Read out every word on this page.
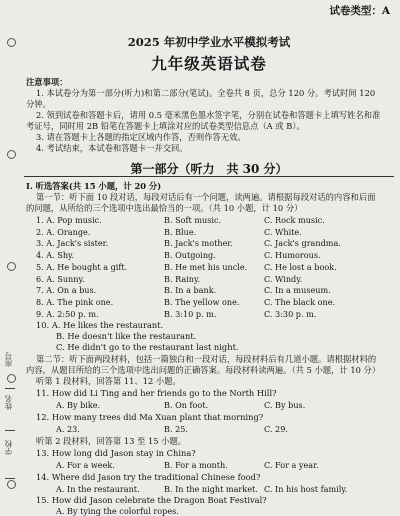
座号
姓名
学校
试卷类型：A
2025 年初中学业水平模拟考试
九年级英语试卷
注意事项：
1. 本试卷分为第一部分(听力)和第二部分(笔试)。全卷共 8 页，总分 120 分。考试时间 120
分钟。
2. 领到试卷和答题卡后，请用 0.5 毫米黑色墨水签字笔，分别在试卷和答题卡上填写姓名和准
考证号，同时用 2B 铅笔在答题卡上填涂对应的试卷类型信息点（A 或 B）。
3. 请在答题卡上各题的指定区域内作答，否则作答无效。
4. 考试结束，本试卷和答题卡一并交回。
第一部分（听力　共 30 分）
Ⅰ. 听选答案(共 15 小题，计 20 分)
第一节：听下面 10 段对话，每段对话后有一个问题，读两遍。请根据每段对话的内容和后面
的问题，从所给的三个选项中选出最恰当的一项。（共 10 小题，计 10 分）
1. A. Pop music.	B. Soft music.	C. Rock music.
2. A. Orange.	B. Blue.	C. White.
3. A. Jack's sister.	B. Jack's mother.	C. Jack's grandma.
4. A. Shy.	B. Outgoing.	C. Humorous.
5. A. He bought a gift.	B. He met his uncle. C. He lost a book.
6. A. Sunny.	B. Rainy.	C. Windy.
7. A. On a bus.	B. In a bank.	C. In a museum.
8. A. The pink one.	B. The yellow one.	C. The black one.
9. A. 2:50 p. m.	B. 3:10 p. m.	C. 3:30 p. m.
10. A. He likes the restaurant.
B. He doesn't like the restaurant.
C. He didn't go to the restaurant last night.
第二节：听下面两段材料，包括一篇独白和一段对话，每段材料后有几道小题。请根据材料的
内容，从题目所给的三个选项中选出问题的正确答案。每段材料读两遍。（共 5 小题，计 10 分）
听第 1 段材料，回答第 11、12 小题。
11. How did Li Ting and her friends go to the North Hill?
A. By bike.	B. On foot.	C. By bus.
12. How many trees did Ma Xuan plant that morning?
A. 23.	B. 25.	C. 29.
听第 2 段材料，回答第 13 至 15 小题。
13. How long did Jason stay in China?
A. For a week.	B. For a month.	C. For a year.
14. Where did Jason try the traditional Chinese food?
A. In the restaurant.	B. In the night market. C. In his host family.
15. How did Jason celebrate the Dragon Boat Festival?
A. By tying the colorful ropes.
